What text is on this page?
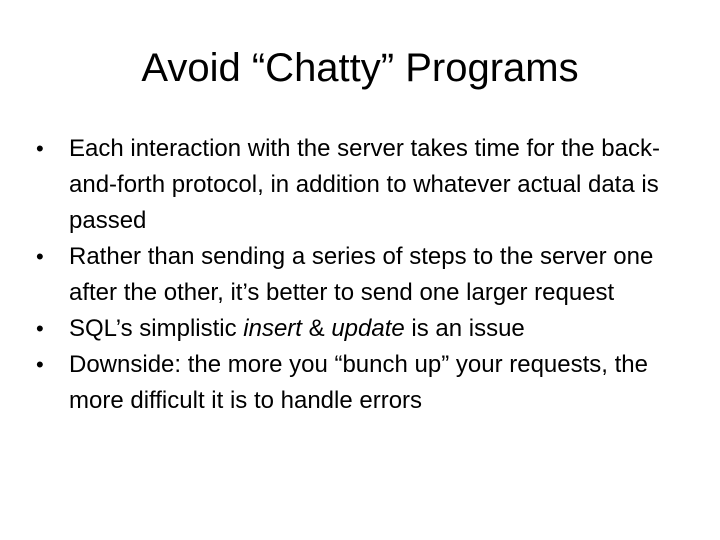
Avoid “Chatty” Programs
•	Each interaction with the server takes time for the back-and-forth protocol, in addition to whatever actual data is passed
•	Rather than sending a series of steps to the server one after the other, it’s better to send one larger request
•	SQL’s simplistic insert & update is an issue
•	Downside: the more you “bunch up” your requests, the more difficult it is to handle errors
